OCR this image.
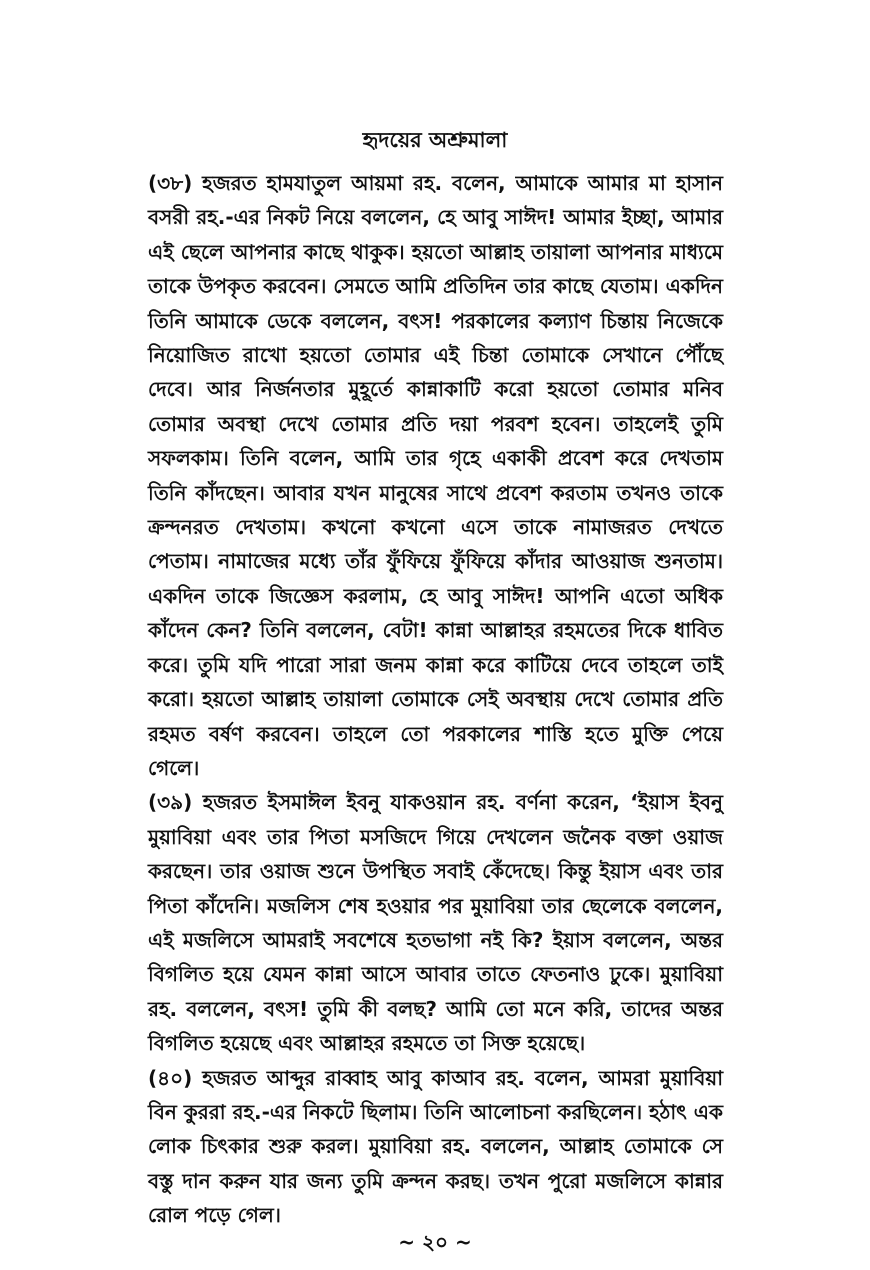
হৃদয়ের অশ্রুমালা

(৩৮) হজরত হামযাতুল আয়মা রহ. বলেন, আমাকে আমার মা হাসান বসরী রহ.-এর নিকট নিয়ে বললেন, হে আবু সাঈদ! আমার ইচ্ছা, আমার এই ছেলে আপনার কাছে থাকুক। হয়তো আল্লাহ তায়ালা আপনার মাধ্যমে তাকে উপকৃত করবেন। সেমতে আমি প্রতিদিন তার কাছে যেতাম। একদিন তিনি আমাকে ডেকে বললেন, বৎস! পরকালের কল্যাণ চিন্তায় নিজেকে নিয়োজিত রাখো হয়তো তোমার এই চিন্তা তোমাকে সেখানে পৌঁছে দেবে। আর নির্জনতার মুহূর্তে কান্নাকাটি করো হয়তো তোমার মনিব তোমার অবস্থা দেখে তোমার প্রতি দয়া পরবশ হবেন। তাহলেই তুমি সফলকাম। তিনি বলেন, আমি তার গৃহে একাকী প্রবেশ করে দেখতাম তিনি কাঁদছেন। আবার যখন মানুষের সাথে প্রবেশ করতাম তখনও তাকে ক্রন্দনরত দেখতাম। কখনো কখনো এসে তাকে নামাজরত দেখতে পেতাম। নামাজের মধ্যে তাঁর ফুঁফিয়ে ফুঁফিয়ে কাঁদার আওয়াজ শুনতাম। একদিন তাকে জিজ্ঞেস করলাম, হে আবু সাঈদ! আপনি এতো অধিক কাঁদেন কেন? তিনি বললেন, বেটা! কান্না আল্লাহর রহমতের দিকে ধাবিত করে। তুমি যদি পারো সারা জনম কান্না করে কাটিয়ে দেবে তাহলে তাই করো। হয়তো আল্লাহ তায়ালা তোমাকে সেই অবস্থায় দেখে তোমার প্রতি রহমত বর্ষণ করবেন। তাহলে তো পরকালের শাস্তি হতে মুক্তি পেয়ে গেলে।

(৩৯) হজরত ইসমাঈল ইবনু যাকওয়ান রহ. বর্ণনা করেন, ‘ইয়াস ইবনু মুয়াবিয়া এবং তার পিতা মসজিদে গিয়ে দেখলেন জনৈক বক্তা ওয়াজ করছেন। তার ওয়াজ শুনে উপস্থিত সবাই কেঁদেছে। কিন্তু ইয়াস এবং তার পিতা কাঁদেনি। মজলিস শেষ হওয়ার পর মুয়াবিয়া তার ছেলেকে বললেন, এই মজলিসে আমরাই সবশেষে হতভাগা নই কি? ইয়াস বললেন, অন্তর বিগলিত হয়ে যেমন কান্না আসে আবার তাতে ফেতনাও ঢুকে। মুয়াবিয়া রহ. বললেন, বৎস! তুমি কী বলছ? আমি তো মনে করি, তাদের অন্তর বিগলিত হয়েছে এবং আল্লাহর রহমতে তা সিক্ত হয়েছে।

(৪০) হজরত আব্দুর রাব্বাহ আবু কাআব রহ. বলেন, আমরা মুয়াবিয়া বিন কুররা রহ.-এর নিকটে ছিলাম। তিনি আলোচনা করছিলেন। হঠাৎ এক লোক চিৎকার শুরু করল। মুয়াবিয়া রহ. বললেন, আল্লাহ তোমাকে সে বস্তু দান করুন যার জন্য তুমি ক্রন্দন করছ। তখন পুরো মজলিসে কান্নার রোল পড়ে গেল।

~ ২০ ~
